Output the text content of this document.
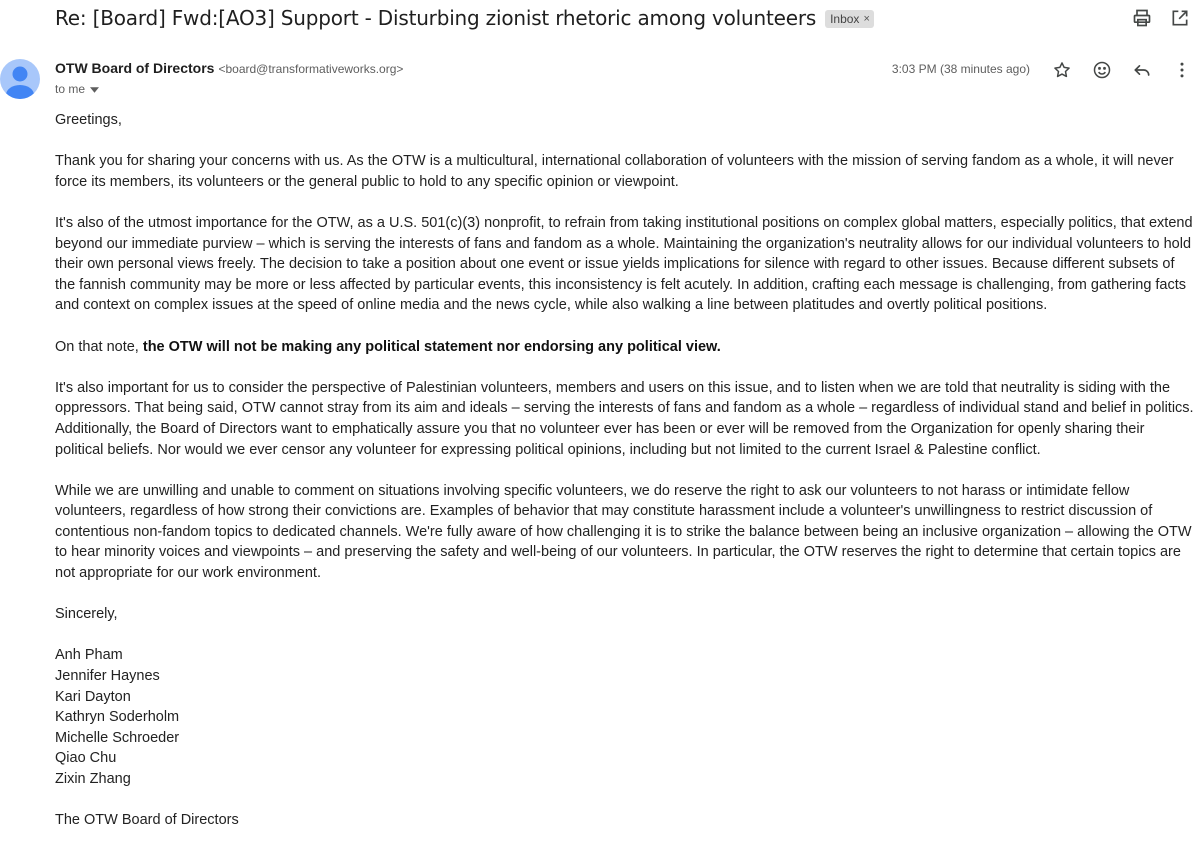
Re: [Board] Fwd:[AO3] Support - Disturbing zionist rhetoric among volunteers Inbox ×
OTW Board of Directors <board@transformativeworks.org>
to me
3:03 PM (38 minutes ago)

Greetings,

Thank you for sharing your concerns with us. As the OTW is a multicultural, international collaboration of volunteers with the mission of serving fandom as a whole, it will never force its members, its volunteers or the general public to hold to any specific opinion or viewpoint.

It's also of the utmost importance for the OTW, as a U.S. 501(c)(3) nonprofit, to refrain from taking institutional positions on complex global matters, especially politics, that extend beyond our immediate purview – which is serving the interests of fans and fandom as a whole. Maintaining the organization's neutrality allows for our individual volunteers to hold their own personal views freely. The decision to take a position about one event or issue yields implications for silence with regard to other issues. Because different subsets of the fannish community may be more or less affected by particular events, this inconsistency is felt acutely. In addition, crafting each message is challenging, from gathering facts and context on complex issues at the speed of online media and the news cycle, while also walking a line between platitudes and overtly political positions.

On that note, the OTW will not be making any political statement nor endorsing any political view.

It's also important for us to consider the perspective of Palestinian volunteers, members and users on this issue, and to listen when we are told that neutrality is siding with the oppressors. That being said, OTW cannot stray from its aim and ideals – serving the interests of fans and fandom as a whole – regardless of individual stand and belief in politics. Additionally, the Board of Directors want to emphatically assure you that no volunteer ever has been or ever will be removed from the Organization for openly sharing their political beliefs. Nor would we ever censor any volunteer for expressing political opinions, including but not limited to the current Israel & Palestine conflict.

While we are unwilling and unable to comment on situations involving specific volunteers, we do reserve the right to ask our volunteers to not harass or intimidate fellow volunteers, regardless of how strong their convictions are. Examples of behavior that may constitute harassment include a volunteer's unwillingness to restrict discussion of contentious non-fandom topics to dedicated channels. We're fully aware of how challenging it is to strike the balance between being an inclusive organization – allowing the OTW to hear minority voices and viewpoints – and preserving the safety and well-being of our volunteers. In particular, the OTW reserves the right to determine that certain topics are not appropriate for our work environment.

Sincerely,

Anh Pham

Jennifer Haynes

Kari Dayton

Kathryn Soderholm

Michelle Schroeder

Qiao Chu

Zixin Zhang

The OTW Board of Directors
